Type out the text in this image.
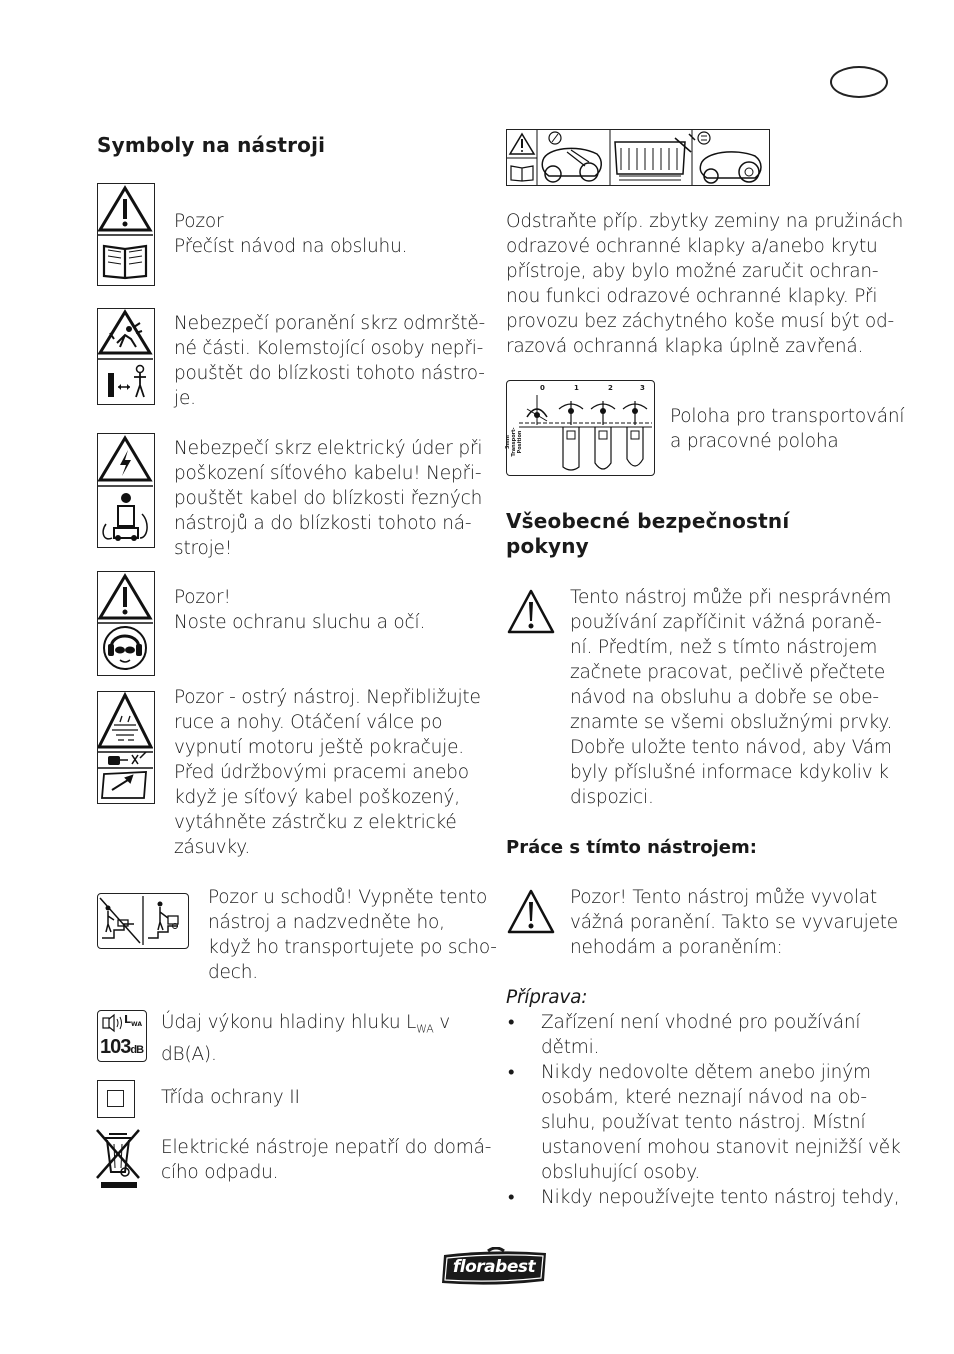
Symboly na nástroji
Pozor
Přečíst návod na obsluhu.
Nebezpečí poranění skrz odmrště-
né části. Kolemstojící osoby nepři-
pouštět do blízkosti tohoto nástro-
je.
Nebezpečí skrz elektrický úder při
poškození síťového kabelu! Nepři-
pouštět kabel do blízkosti řezných
nástrojů a do blízkosti tohoto ná-
stroje!
Pozor!
Noste ochranu sluchu a očí.
Pozor - ostrý nástroj. Nepřibližujte
ruce a nohy. Otáčení válce po
vypnutí motoru ještě pokračuje.
Před údržbovými pracemi anebo
když je síťový kabel poškozený,
vytáhněte zástrčku z elektrické
zásuvky.
Pozor u schodů! Vypněte tento
nástroj a nadzvedněte ho,
když ho transportujete po scho-
dech.
$L_{WA}$
103dB
Údaj výkonu hladiny hluku $L_{WA}$ v
dB(A).
Třída ochrany II
Elektrické nástroje nepatří do domá-
cího odpadu.
Odstraňte příp. zbytky zeminy na pružinách
odrazové ochranné klapky a/anebo krytu
přístroje, aby bylo možné zaručit ochran-
nou funkci odrazové ochranné klapky. Při
provozu bez záchytného koše musí být od-
razová ochranná klapka úplně zavřená.
0	1	2	3
3mm Transport- Position
Poloha pro transportování
a pracovné poloha
Všeobecné bezpečnostní
pokyny
Tento nástroj může při nesprávném
používání zapříčinit vážná poraně-
ní. Předtím, než s tímto nástrojem
začnete pracovat, pečlivě přečtete
návod na obsluhu a dobře se obe-
znamte se všemi obslužnými prvky.
Dobře uložte tento návod, aby Vám
byly příslušné informace kdykoliv k
dispozici.
Práce s tímto nástrojem:
Pozor! Tento nástroj může vyvolat
vážná poranění. Takto se vyvarujete
nehodám a poraněním:
Příprava:
• Zařízení není vhodné pro používání
dětmi.
• Nikdy nedovolte dětem anebo jiným
osobám, které neznají návod na ob-
sluhu, používat tento nástroj. Místní
ustanovení mohou stanovit nejnižší věk
obsluhující osoby.
• Nikdy nepoužívejte tento nástroj tehdy,
florabest
